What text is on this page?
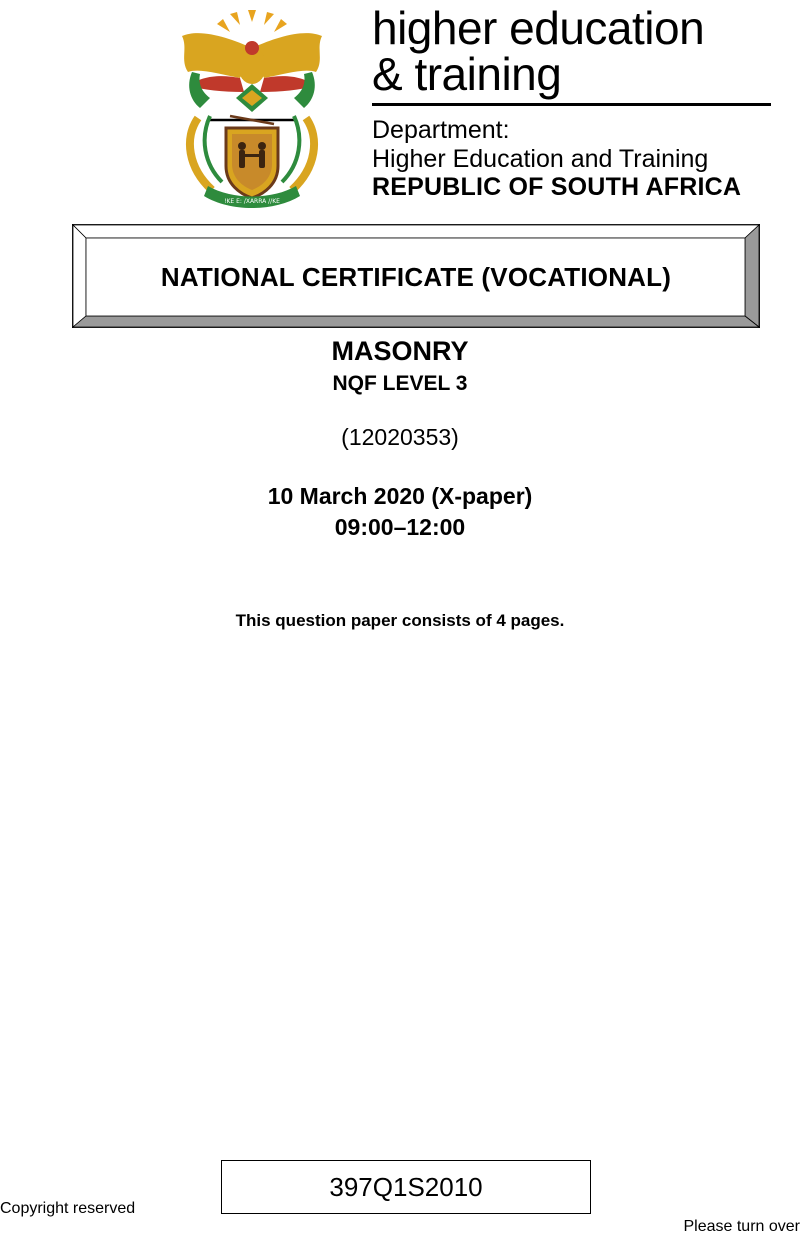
!KE E: /XARRA //KE
higher education
& training
Department:
Higher Education and Training
REPUBLIC OF SOUTH AFRICA
NATIONAL CERTIFICATE (VOCATIONAL)
MASONRY
NQF LEVEL 3
(12020353)
10 March 2020 (X-paper)
09:00–12:00
This question paper consists of 4 pages.
397Q1S2010
Copyright reserved
Please turn over
